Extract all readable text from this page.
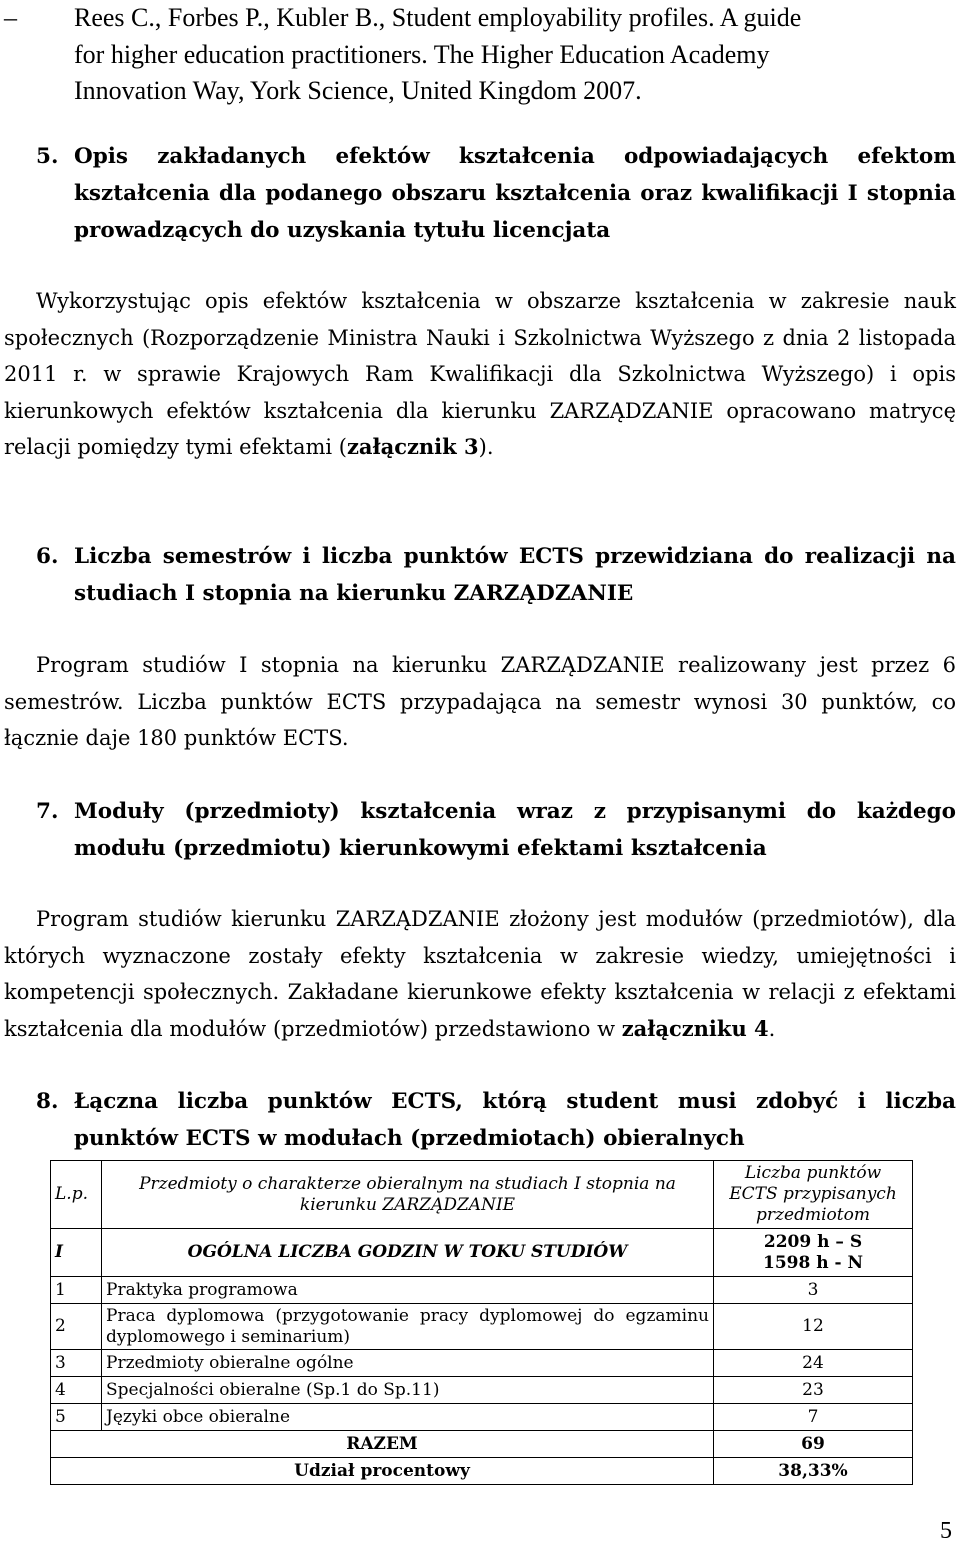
–	Rees C., Forbes P., Kubler B., Student employability profiles. A guide
for higher education practitioners. The Higher Education Academy
Innovation Way, York Science, United Kingdom 2007.
5. Opis zakładanych efektów kształcenia odpowiadających efektom kształcenia dla podanego obszaru kształcenia oraz kwalifikacji I stopnia prowadzących do uzyskania tytułu licencjata
Wykorzystując opis efektów kształcenia w obszarze kształcenia w zakresie nauk społecznych (Rozporządzenie Ministra Nauki i Szkolnictwa Wyższego z dnia 2 listopada 2011 r. w sprawie Krajowych Ram Kwalifikacji dla Szkolnictwa Wyższego) i opis kierunkowych efektów kształcenia dla kierunku ZARZĄDZANIE opracowano matrycę relacji pomiędzy tymi efektami (załącznik 3).
6. Liczba semestrów i liczba punktów ECTS przewidziana do realizacji na studiach I stopnia na kierunku ZARZĄDZANIE
Program studiów I stopnia na kierunku ZARZĄDZANIE realizowany jest przez 6 semestrów. Liczba punktów ECTS przypadająca na semestr wynosi 30 punktów, co łącznie daje 180 punktów ECTS.
7. Moduły (przedmioty) kształcenia wraz z przypisanymi do każdego modułu (przedmiotu) kierunkowymi efektami kształcenia
Program studiów kierunku ZARZĄDZANIE złożony jest modułów (przedmiotów), dla których wyznaczone zostały efekty kształcenia w zakresie wiedzy, umiejętności i kompetencji społecznych. Zakładane kierunkowe efekty kształcenia w relacji z efektami kształcenia dla modułów (przedmiotów) przedstawiono w załączniku 4.
8. Łączna liczba punktów ECTS, którą student musi zdobyć i liczba punktów ECTS w modułach (przedmiotach) obieralnych
L.p.	Przedmioty o charakterze obieralnym na studiach I stopnia na kierunku ZARZĄDZANIE	Liczba punktów ECTS przypisanych przedmiotom
I	OGÓLNA LICZBA GODZIN W TOKU STUDIÓW	2209 h – S
1598 h - N

1	Praktyka programowa	3
2	Praca dyplomowa (przygotowanie pracy dyplomowej do egzaminu dyplomowego i seminarium)	12
3	Przedmioty obieralne ogólne	24
4	Specjalności obieralne (Sp.1 do Sp.11)	23
5	Języki obce obieralne	7
RAZEM		69
Udział procentowy		38,33%
5
